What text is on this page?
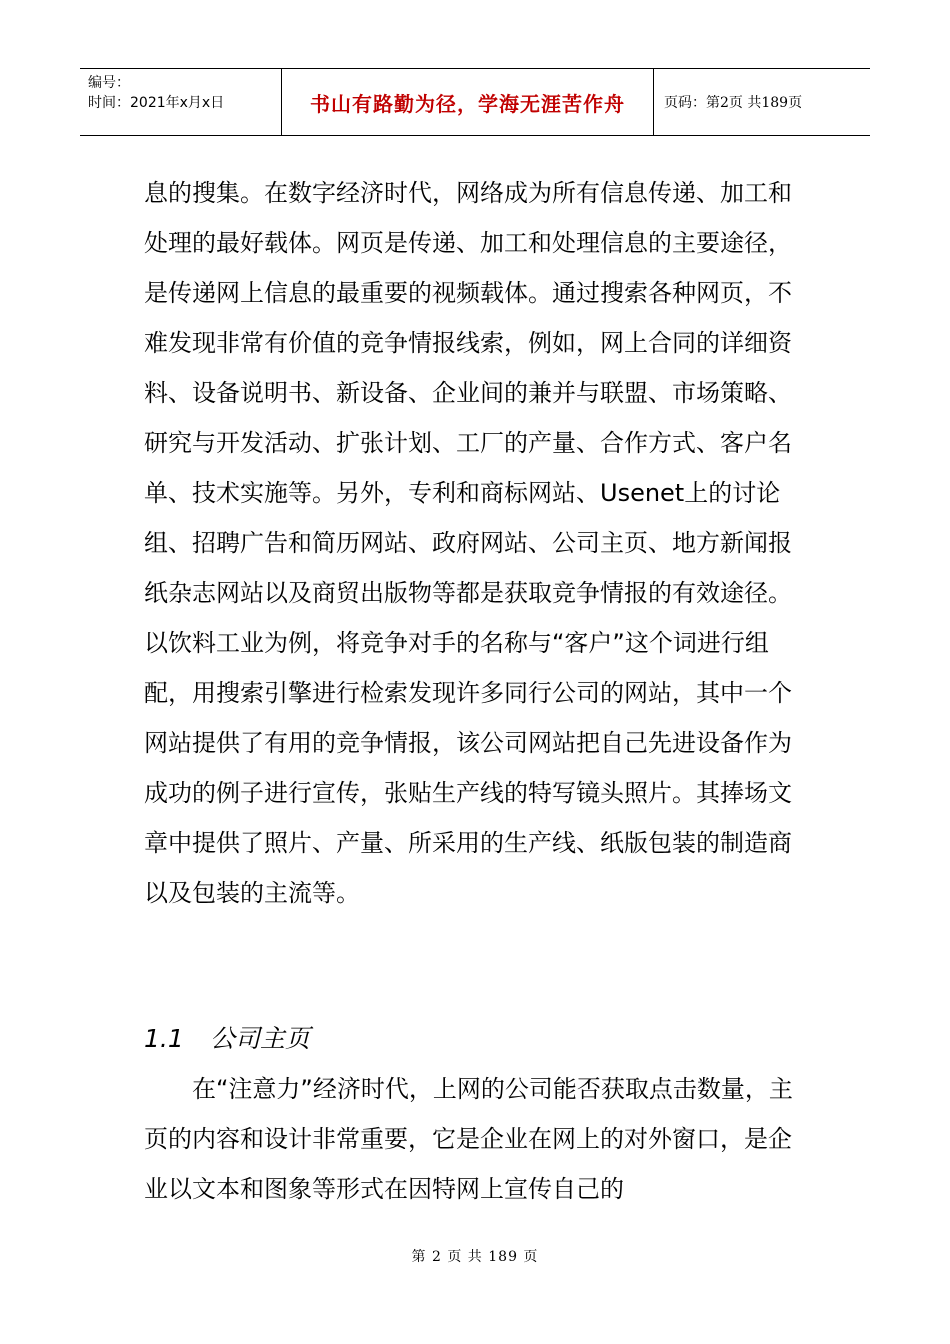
编号：
时间：2021年x月x日	书山有路勤为径，学海无涯苦作舟	页码：第2页 共189页

息的搜集。在数字经济时代，网络成为所有信息传递、加工和处理的最好载体。网页是传递、加工和处理信息的主要途径，是传递网上信息的最重要的视频载体。通过搜索各种网页，不难发现非常有价值的竞争情报线索，例如，网上合同的详细资料、设备说明书、新设备、企业间的兼并与联盟、市场策略、研究与开发活动、扩张计划、工厂的产量、合作方式、客户名单、技术实施等。另外，专利和商标网站、Usenet上的讨论组、招聘广告和简历网站、政府网站、公司主页、地方新闻报纸杂志网站以及商贸出版物等都是获取竞争情报的有效途径。以饮料工业为例，将竞争对手的名称与“客户”这个词进行组配，用搜索引擎进行检索发现许多同行公司的网站，其中一个网站提供了有用的竞争情报，该公司网站把自己先进设备作为成功的例子进行宣传，张贴生产线的特写镜头照片。其捧场文章中提供了照片、产量、所采用的生产线、纸版包装的制造商以及包装的主流等。

1.1 公司主页

在“注意力”经济时代，上网的公司能否获取点击数量，主页的内容和设计非常重要，它是企业在网上的对外窗口，是企业以文本和图象等形式在因特网上宣传自己的

第 2 页 共 189 页
